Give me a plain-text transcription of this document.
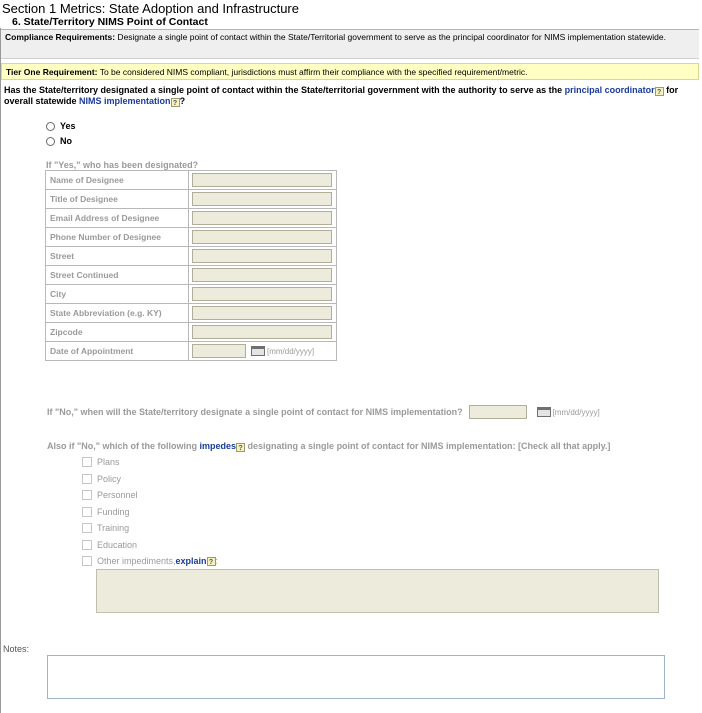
Section 1 Metrics: State Adoption and Infrastructure
6. State/Territory NIMS Point of Contact
Compliance Requirements: Designate a single point of contact within the State/Territorial government to serve as the principal coordinator for NIMS implementation statewide.
Tier One Requirement: To be considered NIMS compliant, jurisdictions must affirm their compliance with the specified requirement/metric.
Has the State/territory designated a single point of contact within the State/territorial government with the authority to serve as the principal coordinator ? for overall statewide NIMS implementation ? ?
Yes
No
If "Yes," who has been designated?
Name of Designee	

Title of Designee	

Email Address of Designee	

Phone Number of Designee	

Street	

Street Continued	

City	

State Abbreviation (e.g. KY)	

Zipcode	

Date of Appointment	[mm/dd/yyyy]
If "No," when will the State/territory designate a single point of contact for NIMS implementation?	[mm/dd/yyyy]
Also if "No," which of the following impedes ? designating a single point of contact for NIMS implementation: [Check all that apply.]
Plans
Policy
Personnel
Funding
Training
Education
Other impediments, explain ? :
Notes:
